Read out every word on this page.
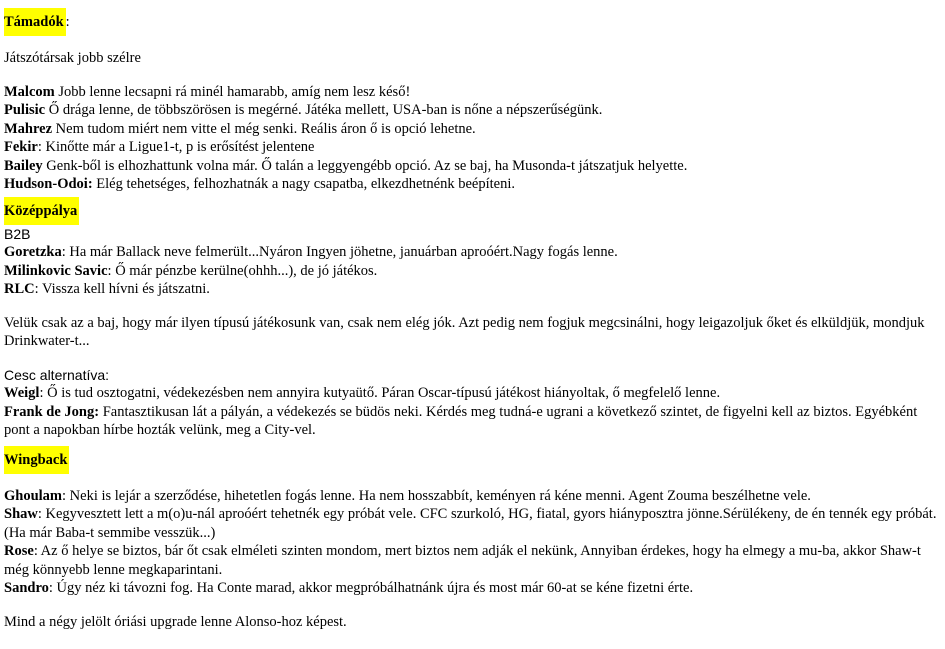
Támadók :

Játszótársak jobb szélre

Malcom Jobb lenne lecsapni rá minél hamarabb, amíg nem lesz késő!
Pulisic Ő drága lenne, de többszörösen is megérné. Játéka mellett, USA-ban is nőne a népszerűségünk.
Mahrez Nem tudom miért nem vitte el még senki. Reális áron ő is opció lehetne.
Fekir: Kinőtte már a Ligue1-t, p is erősítést jelentene
Bailey Genk-ből is elhozhattunk volna már. Ő talán a leggyengébb opció. Az se baj, ha Musonda-t játszatjuk helyette.
Hudson-Odoi: Elég tehetséges, felhozhatnák a nagy csapatba, elkezdhetnénk beépíteni.
Középpálya
B2B
Goretzka: Ha már Ballack neve felmerült...Nyáron Ingyen jöhetne, januárban aproóért.Nagy fogás lenne.
Milinkovic Savic: Ő már pénzbe kerülne(ohhh...), de jó játékos.
RLC: Vissza kell hívni és játszatni.

Velük csak az a baj, hogy már ilyen típusú játékosunk van, csak nem elég jók. Azt pedig nem fogjuk megcsinálni, hogy leigazoljuk őket és elküldjük, mondjuk Drinkwater-t...

Cesc alternatíva:
Weigl: Ő is tud osztogatni, védekezésben nem annyira kutyaütő. Páran Oscar-típusú játékost hiányoltak, ő megfelelő lenne.
Frank de Jong: Fantasztikusan lát a pályán, a védekezés se büdös neki. Kérdés meg tudná-e ugrani a következő szintet, de figyelni kell az biztos. Egyébként pont a napokban hírbe hozták velünk, meg a City-vel.
Wingback
Ghoulam: Neki is lejár a szerződése, hihetetlen fogás lenne. Ha nem hosszabbít, keményen rá kéne menni. Agent Zouma beszélhetne vele.
Shaw: Kegyvesztett lett a m(o)u-nál aproóért tehetnék egy próbát vele. CFC szurkoló, HG, fiatal, gyors hiányposztra jönne.Sérülékeny, de én tennék egy próbát. (Ha már Baba-t semmibe vesszük...)
Rose: Az ő helye se biztos, bár őt csak elméleti szinten mondom, mert biztos nem adják el nekünk, Annyiban érdekes, hogy ha elmegy a mu-ba, akkor Shaw-t még könnyebb lenne megkaparintani.
Sandro: Úgy néz ki távozni fog. Ha Conte marad, akkor megpróbálhatnánk újra és most már 60-at se kéne fizetni érte.

Mind a négy jelölt óriási upgrade lenne Alonso-hoz képest.
